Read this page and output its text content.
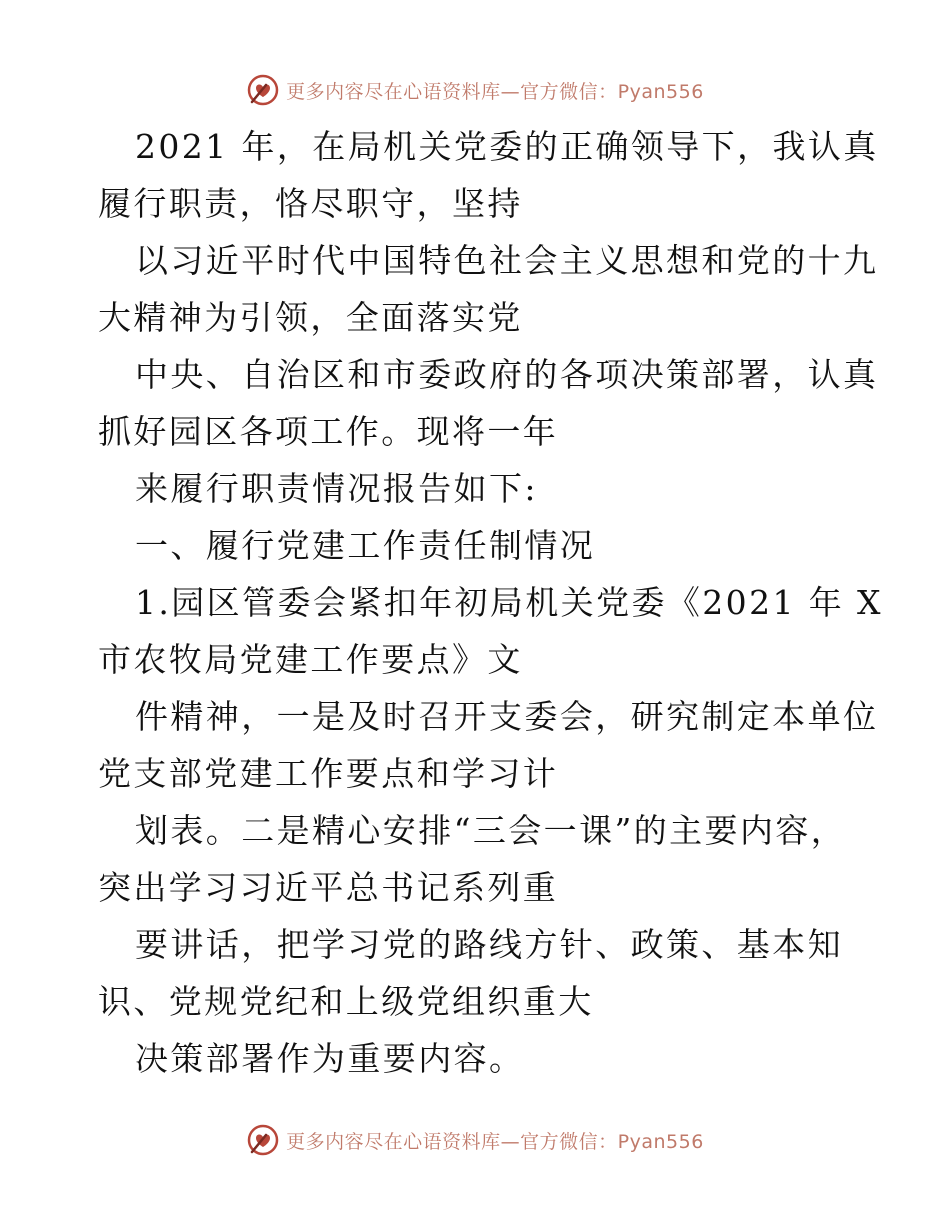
更多内容尽在心语资料库—官方微信：Pyan556

2021 年，在局机关党委的正确领导下，我认真
履行职责，恪尽职守，坚持

以习近平时代中国特色社会主义思想和党的十九
大精神为引领，全面落实党

中央、自治区和市委政府的各项决策部署，认真
抓好园区各项工作。现将一年

来履行职责情况报告如下:

一、履行党建工作责任制情况

1.园区管委会紧扣年初局机关党委《2021 年 X
市农牧局党建工作要点》文

件精神，一是及时召开支委会，研究制定本单位
党支部党建工作要点和学习计

划表。二是精心安排“三会一课”的主要内容，
突出学习习近平总书记系列重

要讲话，把学习党的路线方针、政策、基本知
识、党规党纪和上级党组织重大

决策部署作为重要内容。

更多内容尽在心语资料库—官方微信：Pyan556
